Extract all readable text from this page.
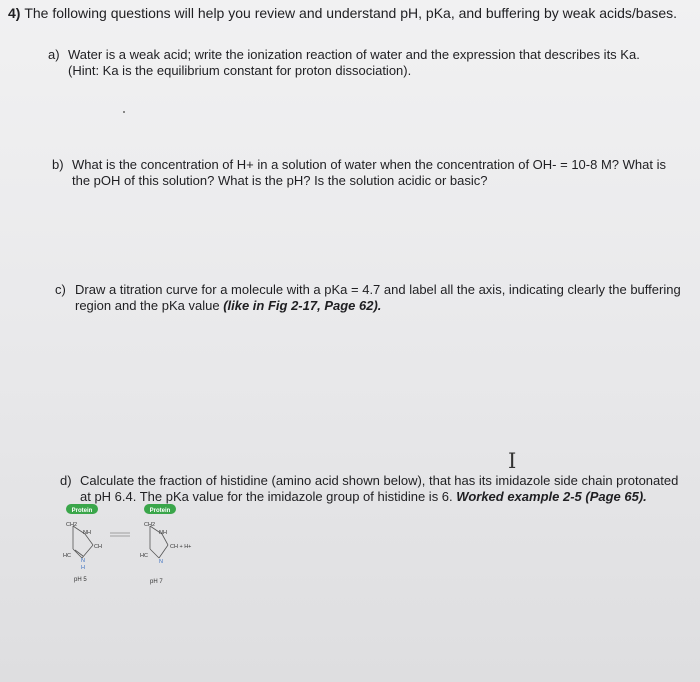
4) The following questions will help you review and understand pH, pKa, and buffering by weak acids/bases.
a) Water is a weak acid; write the ionization reaction of water and the expression that describes its Ka.
(Hint: Ka is the equilibrium constant for proton dissociation).
b) What is the concentration of H+ in a solution of water when the concentration of OH- = 10-8 M? What is
the pOH of this solution? What is the pH? Is the solution acidic or basic?
c) Draw a titration curve for a molecule with a pKa = 4.7 and label all the axis, indicating clearly the buffering
region and the pKa value (like in Fig 2-17, Page 62).
I
d) Calculate the fraction of histidine (amino acid shown below), that has its imidazole side chain protonated
at pH 6.4. The pKa value for the imidazole group of histidine is 6. Worked example 2-5 (Page 65).
Protein
CH2
NH
CH
HC
N
H
pH 5
Protein
CH2
NH
CH + H+
HC
N
pH 7
